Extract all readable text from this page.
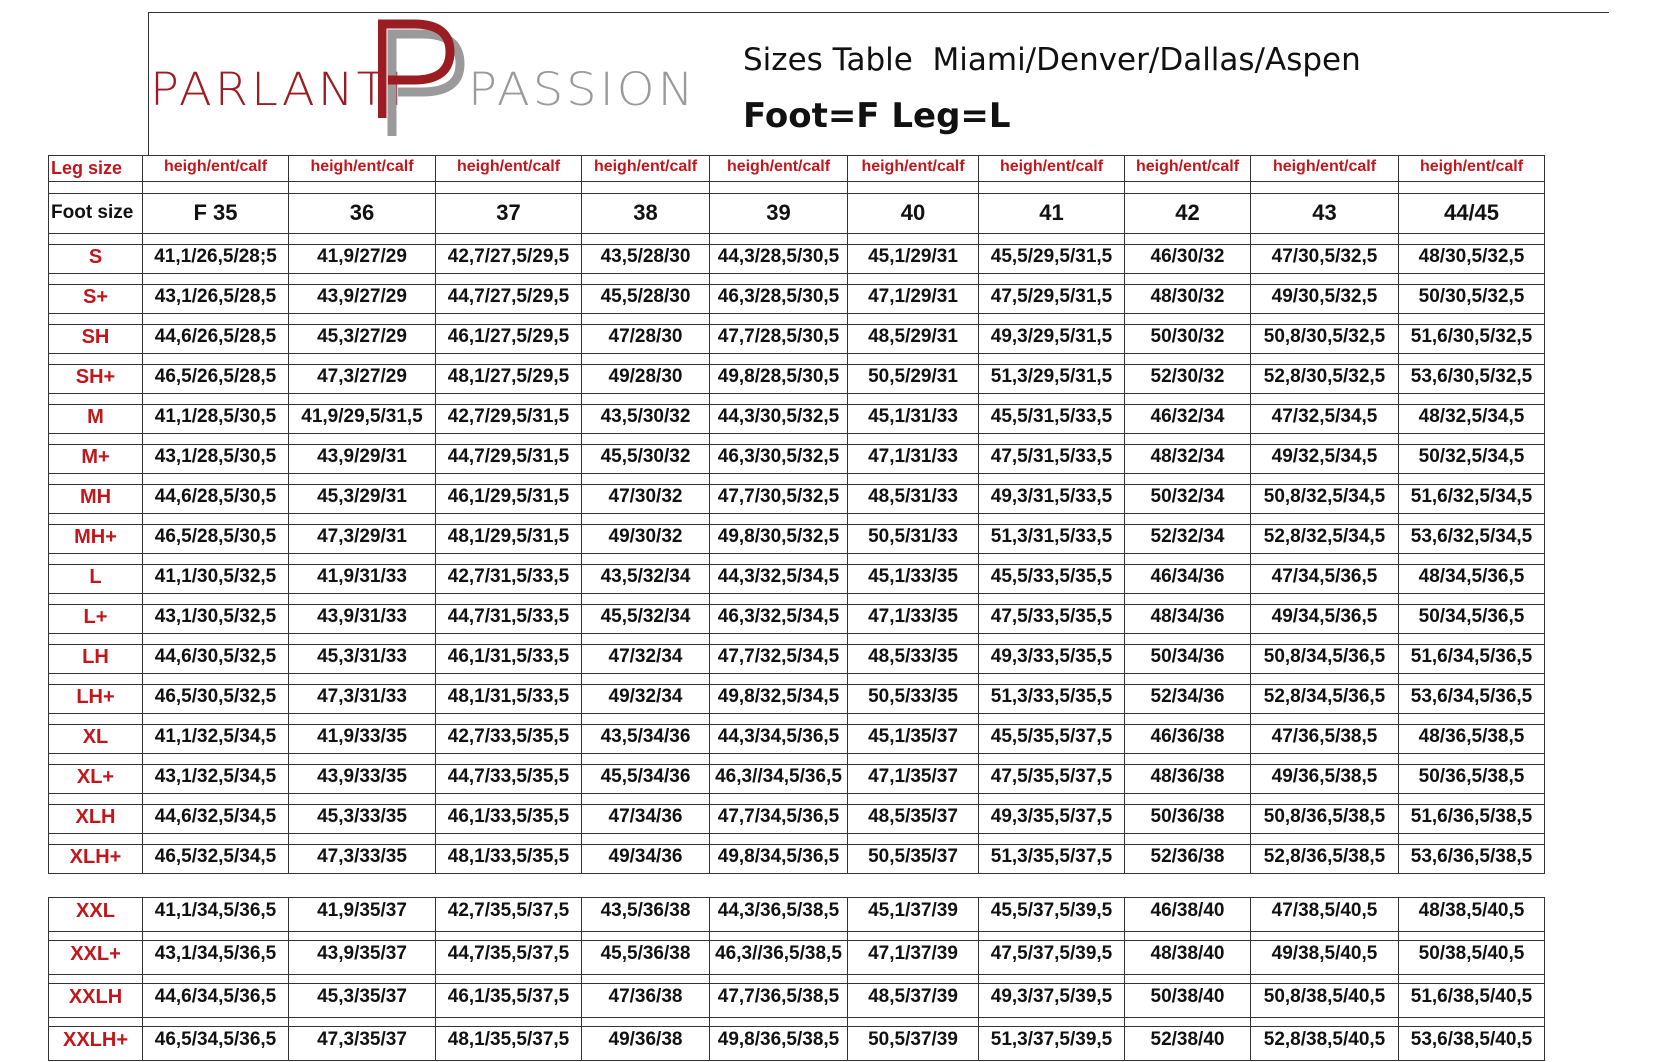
PARLANTI PASSION
Sizes Table  Miami/Denver/Dallas/Aspen
Foot=F Leg=L
Leg size	heigh/ent/calf	heigh/ent/calf	heigh/ent/calf	heigh/ent/calf	heigh/ent/calf	heigh/ent/calf	heigh/ent/calf	heigh/ent/calf	heigh/ent/calf	heigh/ent/calf

Foot size	F 35	36	37	38	39	40	41	42	43	44/45

S	41,1/26,5/28;5	41,9/27/29	42,7/27,5/29,5	43,5/28/30	44,3/28,5/30,5	45,1/29/31	45,5/29,5/31,5	46/30/32	47/30,5/32,5	48/30,5/32,5

S+	43,1/26,5/28,5	43,9/27/29	44,7/27,5/29,5	45,5/28/30	46,3/28,5/30,5	47,1/29/31	47,5/29,5/31,5	48/30/32	49/30,5/32,5	50/30,5/32,5

SH	44,6/26,5/28,5	45,3/27/29	46,1/27,5/29,5	47/28/30	47,7/28,5/30,5	48,5/29/31	49,3/29,5/31,5	50/30/32	50,8/30,5/32,5	51,6/30,5/32,5

SH+	46,5/26,5/28,5	47,3/27/29	48,1/27,5/29,5	49/28/30	49,8/28,5/30,5	50,5/29/31	51,3/29,5/31,5	52/30/32	52,8/30,5/32,5	53,6/30,5/32,5

M	41,1/28,5/30,5	41,9/29,5/31,5	42,7/29,5/31,5	43,5/30/32	44,3/30,5/32,5	45,1/31/33	45,5/31,5/33,5	46/32/34	47/32,5/34,5	48/32,5/34,5

M+	43,1/28,5/30,5	43,9/29/31	44,7/29,5/31,5	45,5/30/32	46,3/30,5/32,5	47,1/31/33	47,5/31,5/33,5	48/32/34	49/32,5/34,5	50/32,5/34,5

MH	44,6/28,5/30,5	45,3/29/31	46,1/29,5/31,5	47/30/32	47,7/30,5/32,5	48,5/31/33	49,3/31,5/33,5	50/32/34	50,8/32,5/34,5	51,6/32,5/34,5

MH+	46,5/28,5/30,5	47,3/29/31	48,1/29,5/31,5	49/30/32	49,8/30,5/32,5	50,5/31/33	51,3/31,5/33,5	52/32/34	52,8/32,5/34,5	53,6/32,5/34,5

L	41,1/30,5/32,5	41,9/31/33	42,7/31,5/33,5	43,5/32/34	44,3/32,5/34,5	45,1/33/35	45,5/33,5/35,5	46/34/36	47/34,5/36,5	48/34,5/36,5

L+	43,1/30,5/32,5	43,9/31/33	44,7/31,5/33,5	45,5/32/34	46,3/32,5/34,5	47,1/33/35	47,5/33,5/35,5	48/34/36	49/34,5/36,5	50/34,5/36,5

LH	44,6/30,5/32,5	45,3/31/33	46,1/31,5/33,5	47/32/34	47,7/32,5/34,5	48,5/33/35	49,3/33,5/35,5	50/34/36	50,8/34,5/36,5	51,6/34,5/36,5

LH+	46,5/30,5/32,5	47,3/31/33	48,1/31,5/33,5	49/32/34	49,8/32,5/34,5	50,5/33/35	51,3/33,5/35,5	52/34/36	52,8/34,5/36,5	53,6/34,5/36,5

XL	41,1/32,5/34,5	41,9/33/35	42,7/33,5/35,5	43,5/34/36	44,3/34,5/36,5	45,1/35/37	45,5/35,5/37,5	46/36/38	47/36,5/38,5	48/36,5/38,5

XL+	43,1/32,5/34,5	43,9/33/35	44,7/33,5/35,5	45,5/34/36	46,3//34,5/36,5	47,1/35/37	47,5/35,5/37,5	48/36/38	49/36,5/38,5	50/36,5/38,5

XLH	44,6/32,5/34,5	45,3/33/35	46,1/33,5/35,5	47/34/36	47,7/34,5/36,5	48,5/35/37	49,3/35,5/37,5	50/36/38	50,8/36,5/38,5	51,6/36,5/38,5

XLH+	46,5/32,5/34,5	47,3/33/35	48,1/33,5/35,5	49/34/36	49,8/34,5/36,5	50,5/35/37	51,3/35,5/37,5	52/36/38	52,8/36,5/38,5	53,6/36,5/38,5
XXL	41,1/34,5/36,5	41,9/35/37	42,7/35,5/37,5	43,5/36/38	44,3/36,5/38,5	45,1/37/39	45,5/37,5/39,5	46/38/40	47/38,5/40,5	48/38,5/40,5

XXL+	43,1/34,5/36,5	43,9/35/37	44,7/35,5/37,5	45,5/36/38	46,3//36,5/38,5	47,1/37/39	47,5/37,5/39,5	48/38/40	49/38,5/40,5	50/38,5/40,5

XXLH	44,6/34,5/36,5	45,3/35/37	46,1/35,5/37,5	47/36/38	47,7/36,5/38,5	48,5/37/39	49,3/37,5/39,5	50/38/40	50,8/38,5/40,5	51,6/38,5/40,5

XXLH+	46,5/34,5/36,5	47,3/35/37	48,1/35,5/37,5	49/36/38	49,8/36,5/38,5	50,5/37/39	51,3/37,5/39,5	52/38/40	52,8/38,5/40,5	53,6/38,5/40,5
